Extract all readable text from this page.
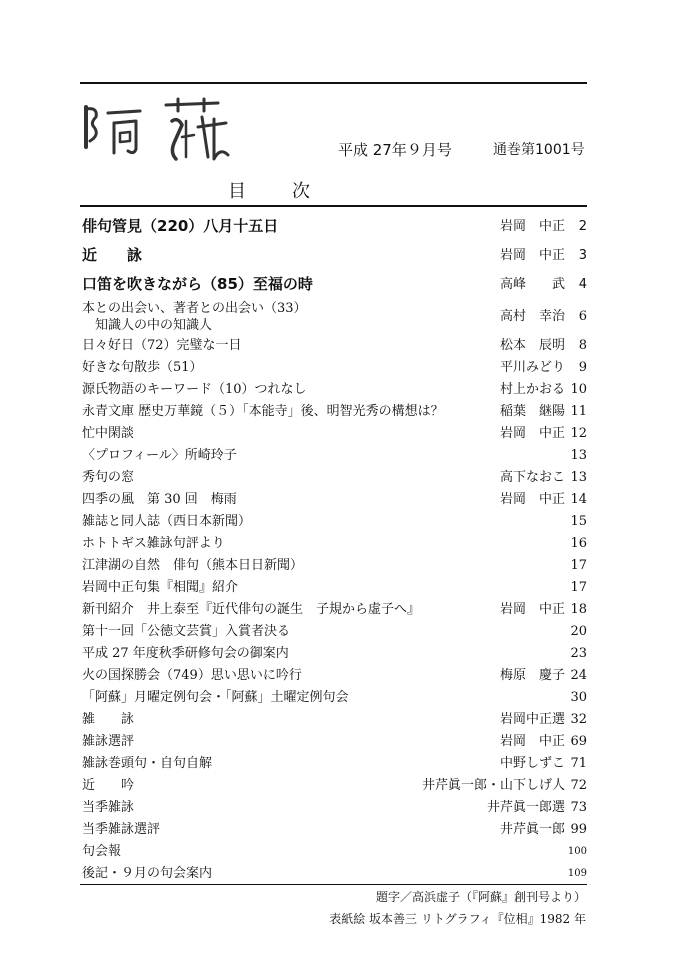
平成 27年９月号	通巻第1001号
目　次
俳句管見（220）八月十五日	岩岡　中正	2
近　　詠	岩岡　中正	3
口笛を吹きながら（85）至福の時	高峰　　武	4
本との出会い、著者との出会い（33）
　知識人の中の知識人
高村　幸治	6
日々好日（72）完璧な一日	松本　辰明	8
好きな句散歩（51）	平川みどり	9
源氏物語のキーワード（10）つれなし	村上かおる 10
永青文庫 歴史万華鏡（５）「本能寺」後、明智光秀の構想は？	稲葉　継陽 11
忙中閑談	岩岡　中正 12
〈プロフィール〉所崎玲子	13
秀句の窓	高下なおこ 13
四季の風　第 30 回　梅雨	岩岡　中正 14
雑誌と同人誌（西日本新聞）	15
ホトトギス雑詠句評より	16
江津湖の自然　俳句（熊本日日新聞）	17
岩岡中正句集『相聞』紹介	17
新刊紹介　井上泰至『近代俳句の誕生　子規から虚子へ』	岩岡　中正 18
第十一回「公徳文芸賞」入賞者決る	20
平成 27 年度秋季研修句会の御案内	23
火の国探勝会（749）思い思いに吟行	梅原　慶子 24
「阿蘇」月曜定例句会・「阿蘇」土曜定例句会	30
雑　　詠	岩岡中正選 32
雑詠選評	岩岡　中正 69
雑詠巻頭句・自句自解	中野しずこ 71
近　　吟	井芹眞一郎・山下しげ人 72
当季雑詠	井芹眞一郎選 73
当季雑詠選評	井芹眞一郎 99
句会報	100
後記・９月の句会案内	109
題字／高浜虚子（『阿蘇』創刊号より）
表紙絵 坂本善三 リトグラフィ『位相』1982 年
